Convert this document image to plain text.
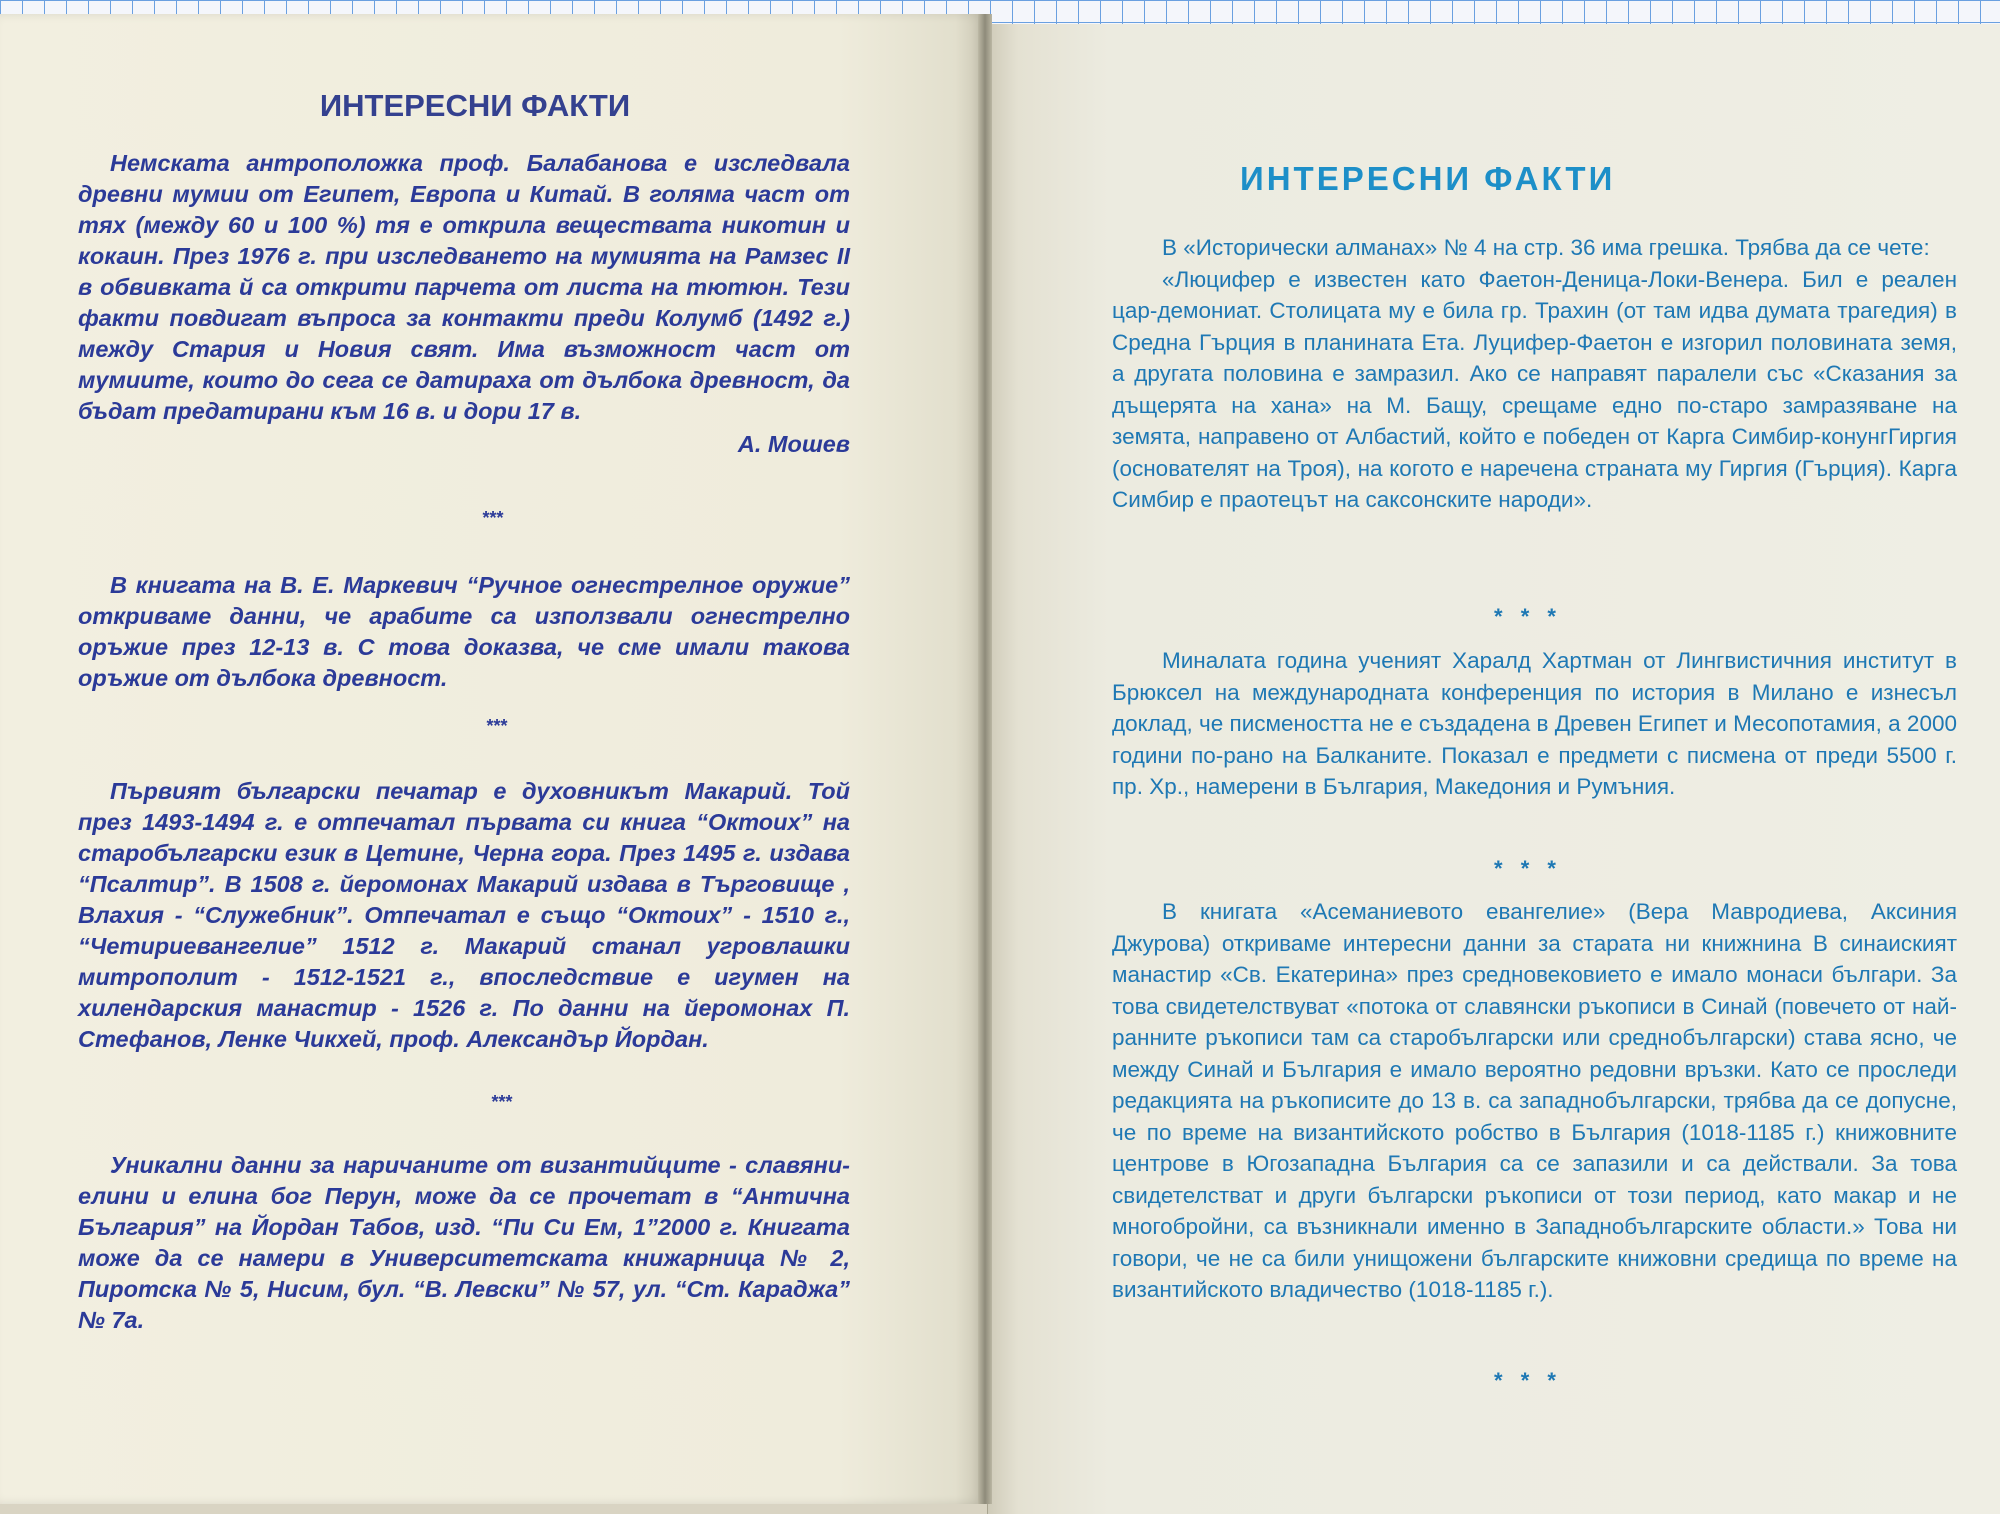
ИНТЕРЕСНИ ФАКТИ

Немската антроположка проф. Балабанова е изследвала древни мумии от Египет, Европа и Китай. В голяма част от тях (между 60 и 100 %) тя е открила веществата никотин и кокаин. През 1976 г. при изследването на мумията на Рамзес II в обвивката й са открити парчета от листа на тютюн. Тези факти повдигат въпроса за контакти преди Колумб (1492 г.) между Стария и Новия свят. Има възможност част от мумиите, които до сега се датираха от дълбока древност, да бъдат предатирани към 16 в. и дори 17 в.

А. Мошев

***

В книгата на В. Е. Маркевич “Ручное огнестрелное оружие” откриваме данни, че арабите са използвали огнестрелно оръжие през 12-13 в. С това доказва, че сме имали такова оръжие от дълбока древност.

***

Първият български печатар е духовникът Макарий. Той през 1493-1494 г. е отпечатал първата си книга “Октоих” на старобългарски език в Цетине, Черна гора. През 1495 г. издава “Псалтир”. В 1508 г. йеромонах Макарий издава в Търговище , Влахия - “Служебник”. Отпечатал е също “Октоих” - 1510 г., “Четириевангелие” 1512 г. Макарий станал угровлашки митрополит - 1512-1521 г., впоследствие е игумен на хилендарския манастир - 1526 г. По данни на йеромонах П. Стефанов, Ленке Чикхей, проф. Александър Йордан.

***

Уникални данни за наричаните от византийците - славяни-елини и елина бог Перун, може да се прочетат в “Антична България” на Йордан Табов, изд. “Пи Си Ем, 1”2000 г. Книгата може да се намери в Университетската книжарница № 2, Пиротска № 5, Нисим, бул. “В. Левски” № 57, ул. “Ст. Караджа” № 7а.

ИНТЕРЕСНИ ФАКТИ

В «Исторически алманах» № 4 на стр. 36 има грешка. Трябва да се чете:

«Люцифер е известен като Фаетон-Деница-Локи-Венера. Бил е реален цар-демониат. Столицата му е била гр. Трахин (от там идва думата трагедия) в Средна Гърция в планината Ета. Луцифер-Фаетон е изгорил половината земя, а другата половина е замразил. Ако се направят паралели със «Сказания за дъщерята на хана» на М. Бащу, срещаме едно по-старо замразяване на земята, направено от Албастий, който е победен от Карга Симбир-конунгГиргия (основателят на Троя), на когото е наречена страната му Гиргия (Гърция). Карга Симбир е праотецът на саксонските народи».

* * *

Миналата година ученият Харалд Хартман от Лингвистичния институт в Брюксел на международната конференция по история в Милано е изнесъл доклад, че писмеността не е създадена в Древен Египет и Месопотамия, а 2000 години по-рано на Балканите. Показал е предмети с писмена от преди 5500 г. пр. Хр., намерени в България, Македония и Румъния.

* * *

В книгата «Асеманиевото евангелие» (Вера Мавродиева, Аксиния Джурова) откриваме интересни данни за старата ни книжнина В синаиският манастир «Св. Екатерина» през средновековието е имало монаси българи. За това свидетелствуват «потока от славянски ръкописи в Синай (повечето от най-ранните ръкописи там са старобългарски или среднобългарски) става ясно, че между Синай и България е имало вероятно редовни връзки. Като се проследи редакцията на ръкописите до 13 в. са западнобългарски, трябва да се допусне, че по време на византийското робство в България (1018-1185 г.) книжовните центрове в Югозападна България са се запазили и са действали. За това свидетелстват и други български ръкописи от този период, като макар и не многобройни, са възникнали именно в Западнобългарските области.» Това ни говори, че не са били унищожени българските книжовни средища по време на византийското владичество (1018-1185 г.).

* * *
